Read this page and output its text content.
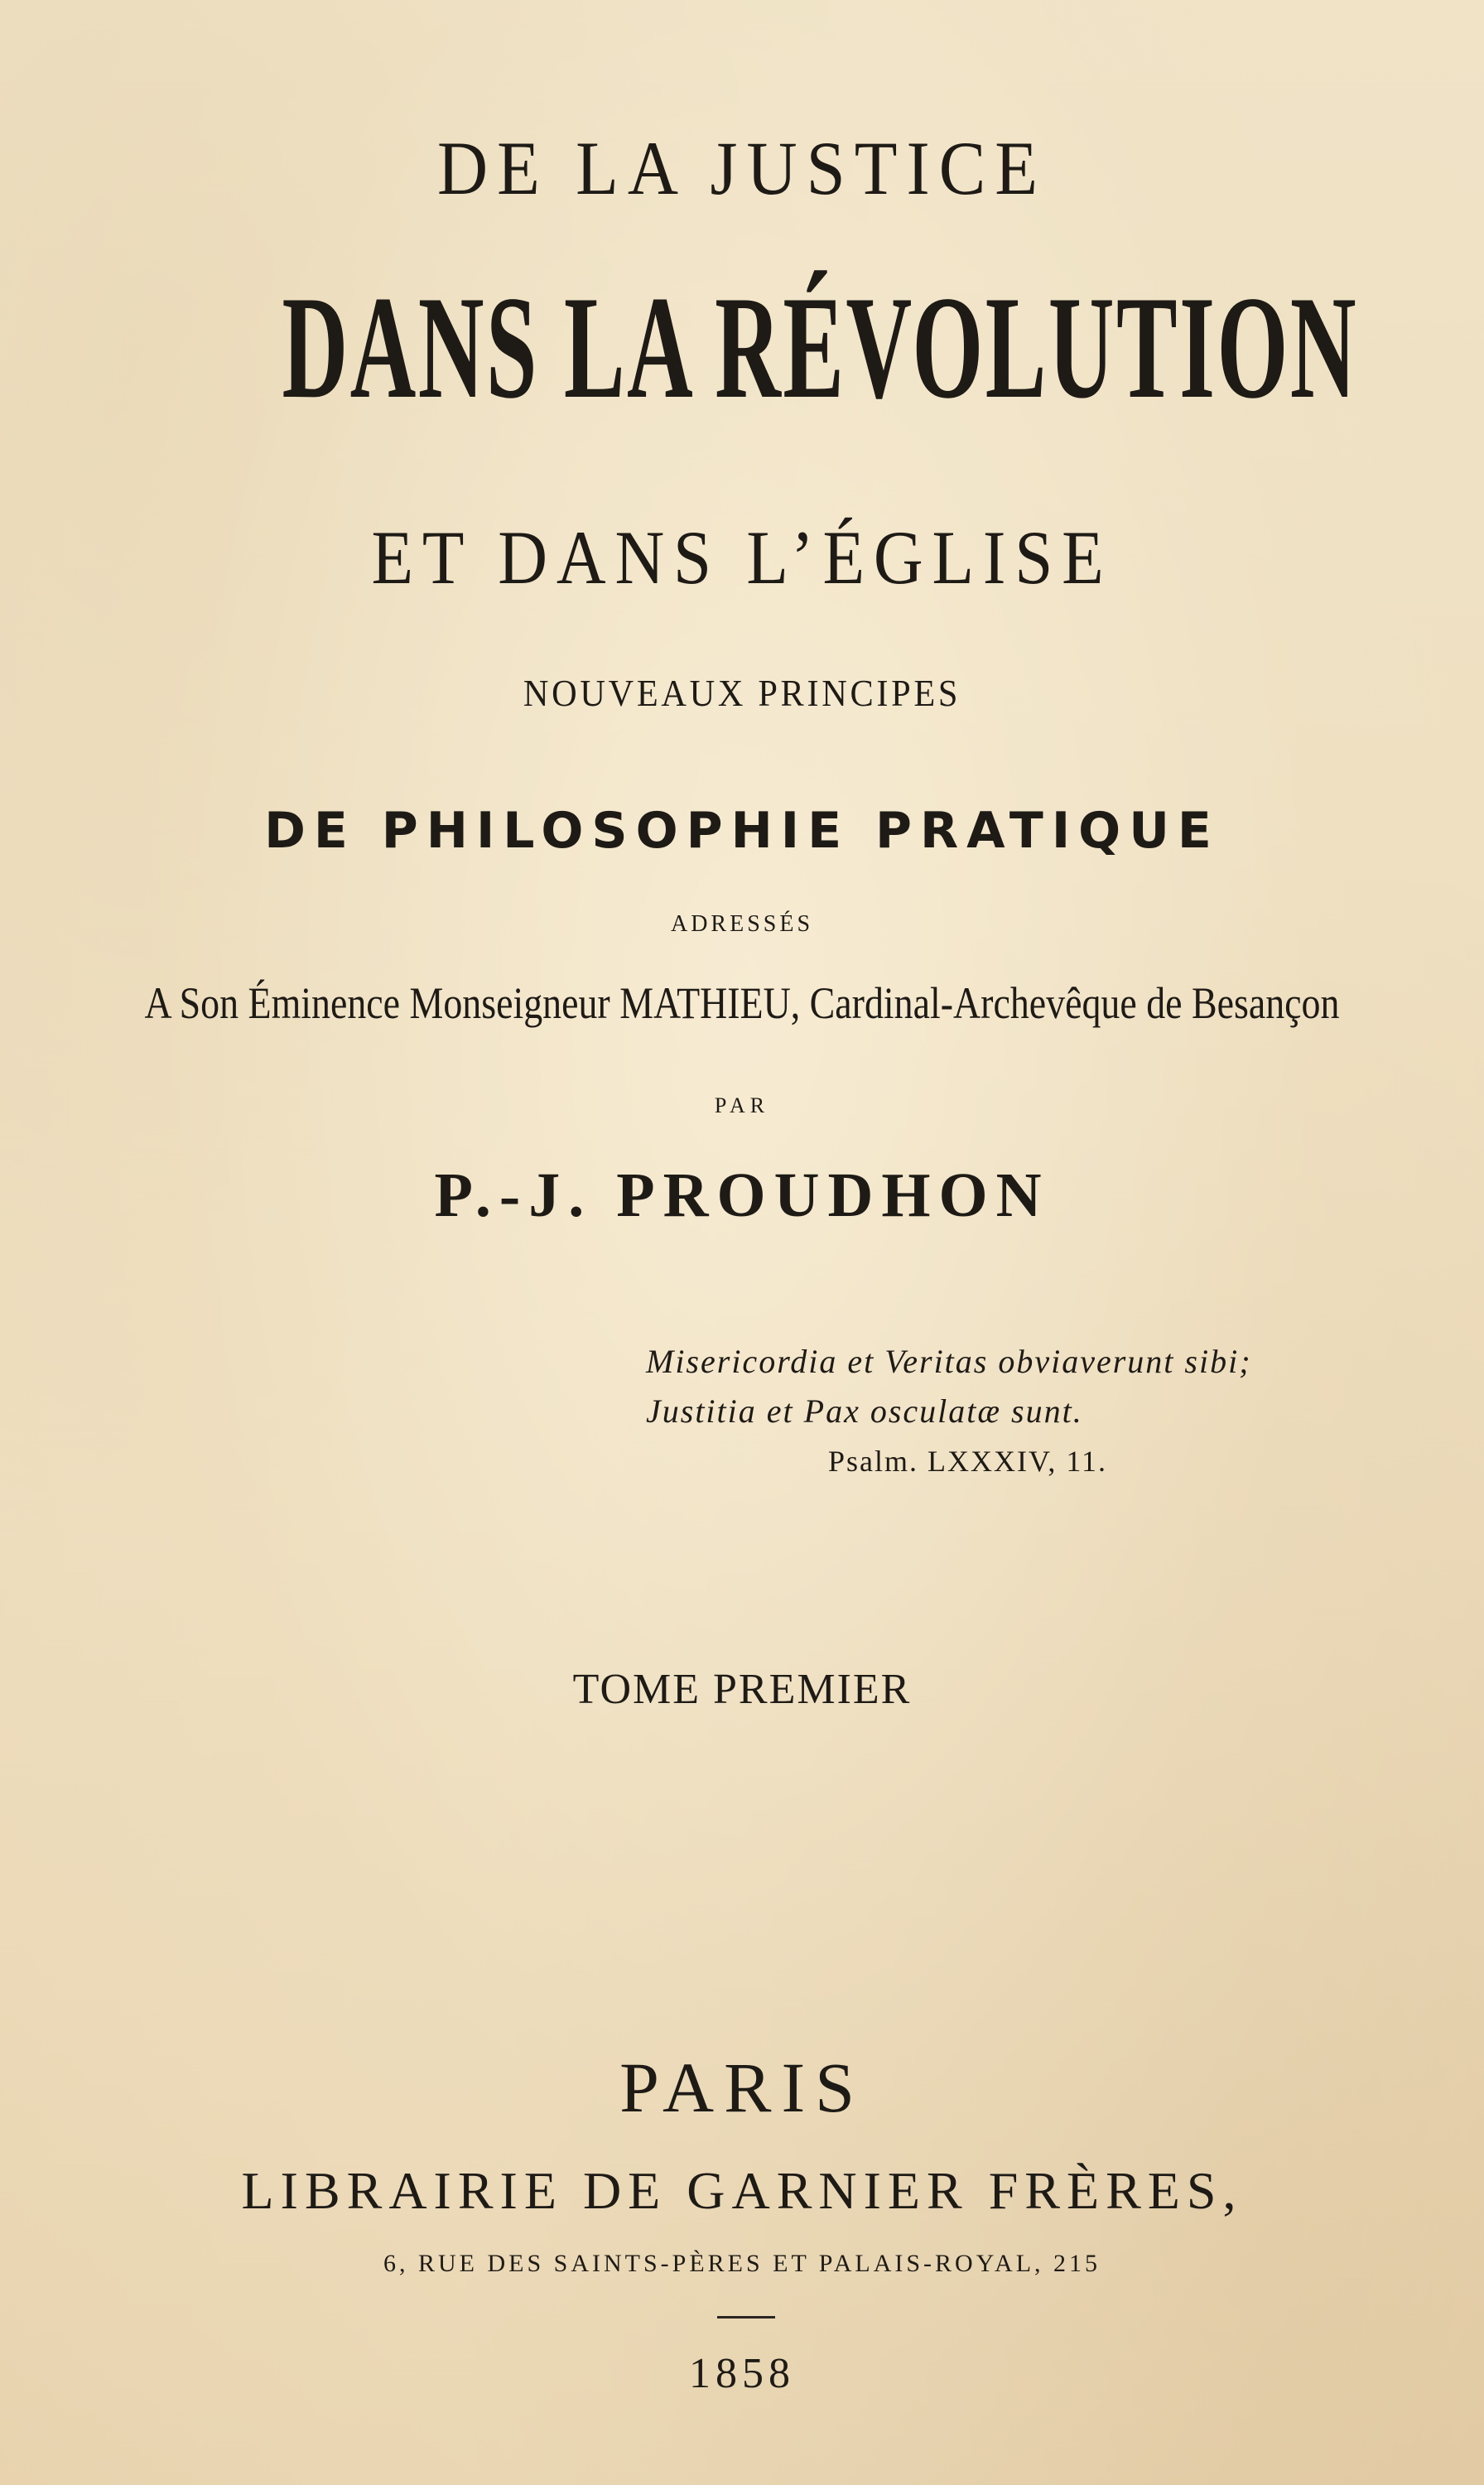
DE LA JUSTICE

DANS LA RÉVOLUTION

ET DANS L’ÉGLISE

NOUVEAUX PRINCIPES

DE PHILOSOPHIE PRATIQUE

ADRESSÉS

A Son Éminence Monseigneur MATHIEU, Cardinal-Archevêque de Besançon

PAR

P.-J. PROUDHON

Misericordia et Veritas obviaverunt sibi;

Justitia et Pax osculatæ sunt.

Psalm. LXXXIV, 11.

TOME PREMIER

PARIS

LIBRAIRIE DE GARNIER FRÈRES,

6, RUE DES SAINTS-PÈRES ET PALAIS-ROYAL, 215

1858
